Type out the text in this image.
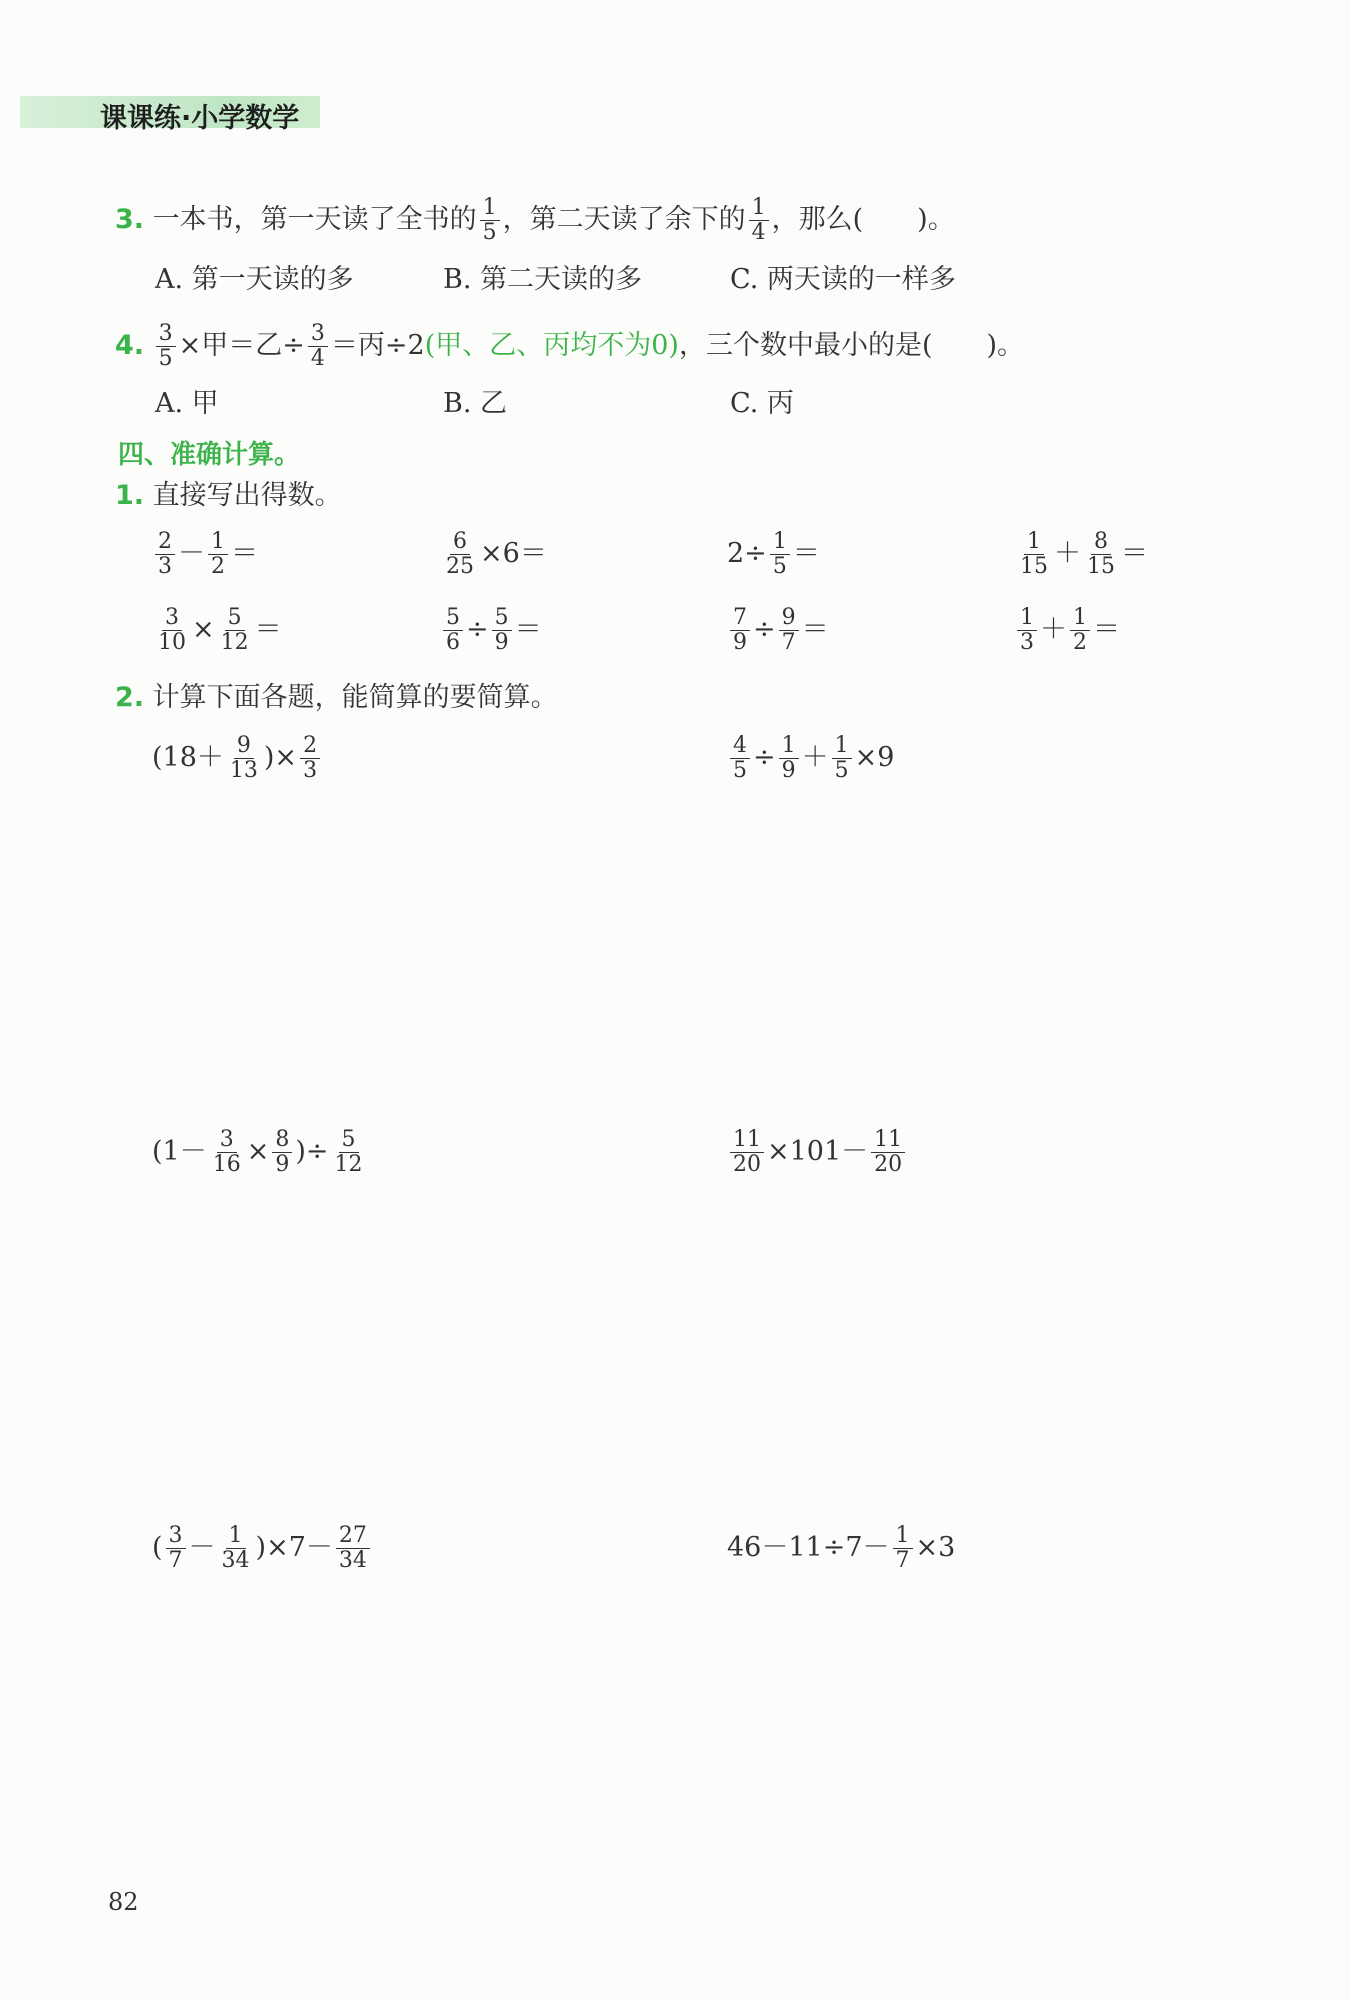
课课练·小学数学
3. 一本书，第一天读了全书的 $\frac{1}{5}$ ，第二天读了余下的 $\frac{1}{4}$ ，那么(　　)。
A. 第一天读的多	B. 第二天读的多	C. 两天读的一样多
4. $\frac{3}{5}$ ×甲＝乙÷ $\frac{3}{4}$ ＝丙÷2(甲、乙、丙均不为0)，三个数中最小的是(　　)。
A. 甲	B. 乙	C. 丙
四、准确计算。
1. 直接写出得数。
$\frac{2}{3} - \frac{1}{2}$ ＝	$\frac{6}{25} \times 6=$	$2\div \frac{1}{5}$ ＝	$\frac{1}{15} + \frac{8}{15}$ ＝
$\frac{3}{10} \times \frac{5}{12}$ ＝	$\frac{5}{6} \div \frac{5}{9}$ ＝	$\frac{7}{9} \div \frac{9}{7}$ ＝	$\frac{1}{3} + \frac{1}{2}$ ＝
2. 计算下面各题，能简算的要简算。
($18+ \frac{9}{13}$ )× $\frac{2}{3}$	$\frac{4}{5} \div \frac{1}{9} + \frac{1}{5} \times 9$
($1- \frac{3}{16} \times \frac{8}{9}$ )÷ $\frac{5}{12}$	$\frac{11}{20} \times 101- \frac{11}{20}$
( $\frac{3}{7} - \frac{1}{34} )\times 7- \frac{27}{34}$	$46-11\div 7- \frac{1}{7} \times 3$
82
